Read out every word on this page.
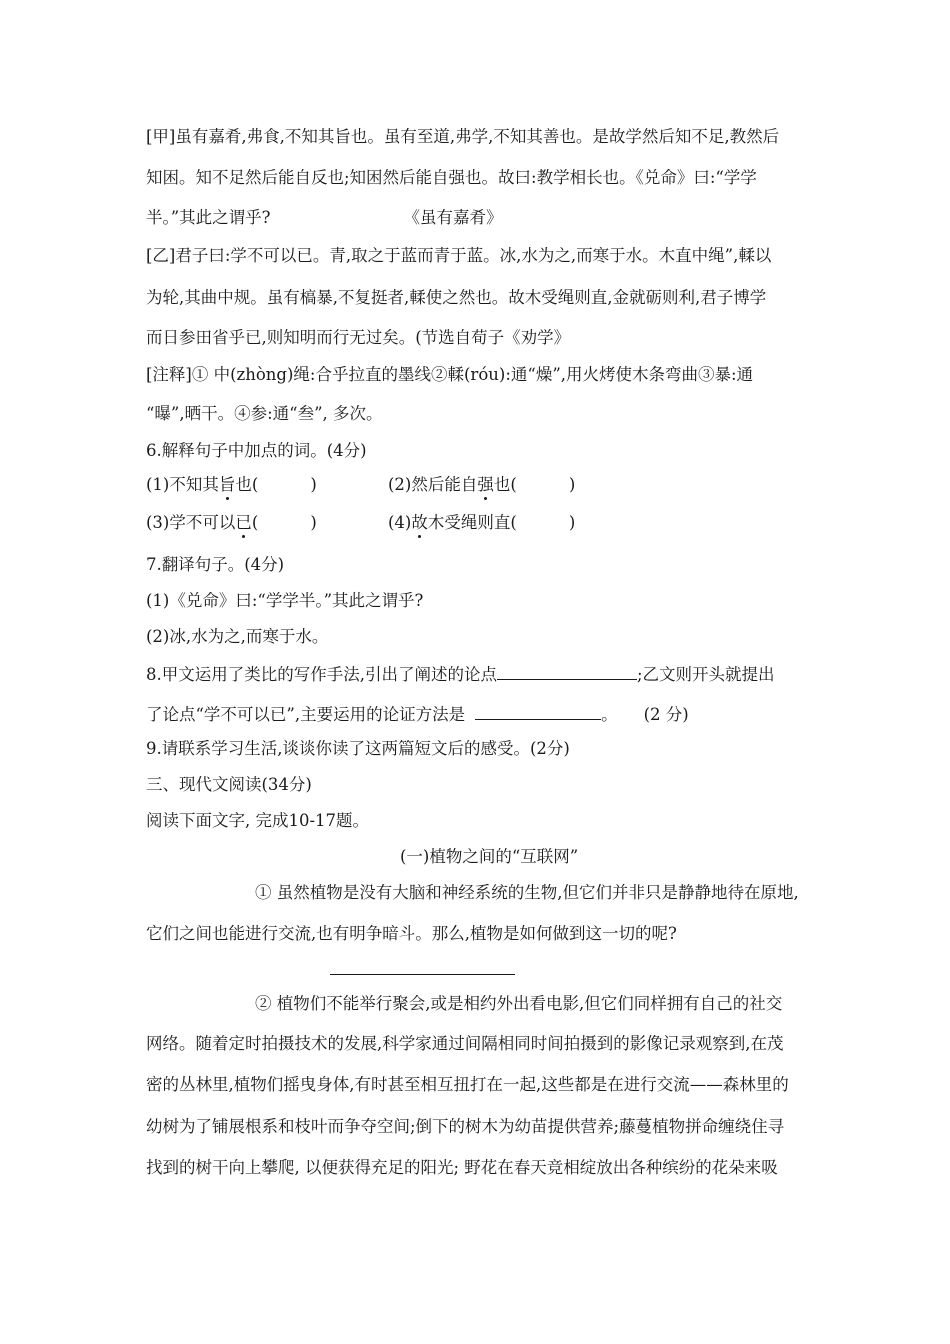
[甲]虽有嘉肴,弗食,不知其旨也。虽有至道,弗学,不知其善也。是故学然后知不足,教然后
知困。知不足然后能自反也;知困然后能自强也。故曰:教学相长也。《兑命》曰:“学学
半。”其此之谓乎?	《虽有嘉肴》
[乙]君子曰:学不可以已。青,取之于蓝而青于蓝。冰,水为之,而寒于水。木直中绳”,輮以
为轮,其曲中规。虽有槁暴,不复挺者,輮使之然也。故木受绳则直,金就砺则利,君子博学
而日参田省乎已,则知明而行无过矣。(节选自荀子《劝学》
[注释]① 中(zhòng)绳:合乎拉直的墨线②輮(róu):通“燥”,用火烤使木条弯曲③暴:通
“曝”,晒干。④参:通“叁”, 多次。
6.解释句子中加点的词。(4分)
(1)不知其旨也(	)	(2)然后能自强也(	)
(3)学不可以已(	)	(4)故木受绳则直(	)
7.翻译句子。(4分)
(1)《兑命》曰:“学学半。”其此之谓乎?
(2)冰,水为之,而寒于水。
8.甲文运用了类比的写作手法,引出了阐述的论点	;乙文则开头就提出
了论点“学不可以已”,主要运用的论证方法是	。 (2 分)
9.请联系学习生活,谈谈你读了这两篇短文后的感受。(2分)
三、现代文阅读(34分)
阅读下面文字, 完成10-17题。
(一)植物之间的“互联网”
① 虽然植物是没有大脑和神经系统的生物,但它们并非只是静静地待在原地,
它们之间也能进行交流,也有明争暗斗。那么,植物是如何做到这一切的呢?
② 植物们不能举行聚会,或是相约外出看电影,但它们同样拥有自己的社交
网络。随着定时拍摄技术的发展,科学家通过间隔相同时间拍摄到的影像记录观察到,在茂
密的丛林里,植物们摇曳身体,有时甚至相互扭打在一起,这些都是在进行交流——森林里的
幼树为了铺展根系和枝叶而争夺空间;倒下的树木为幼苗提供营养;藤蔓植物拼命缠绕住寻
找到的树干向上攀爬, 以便获得充足的阳光; 野花在春天竞相绽放出各种缤纷的花朵来吸
